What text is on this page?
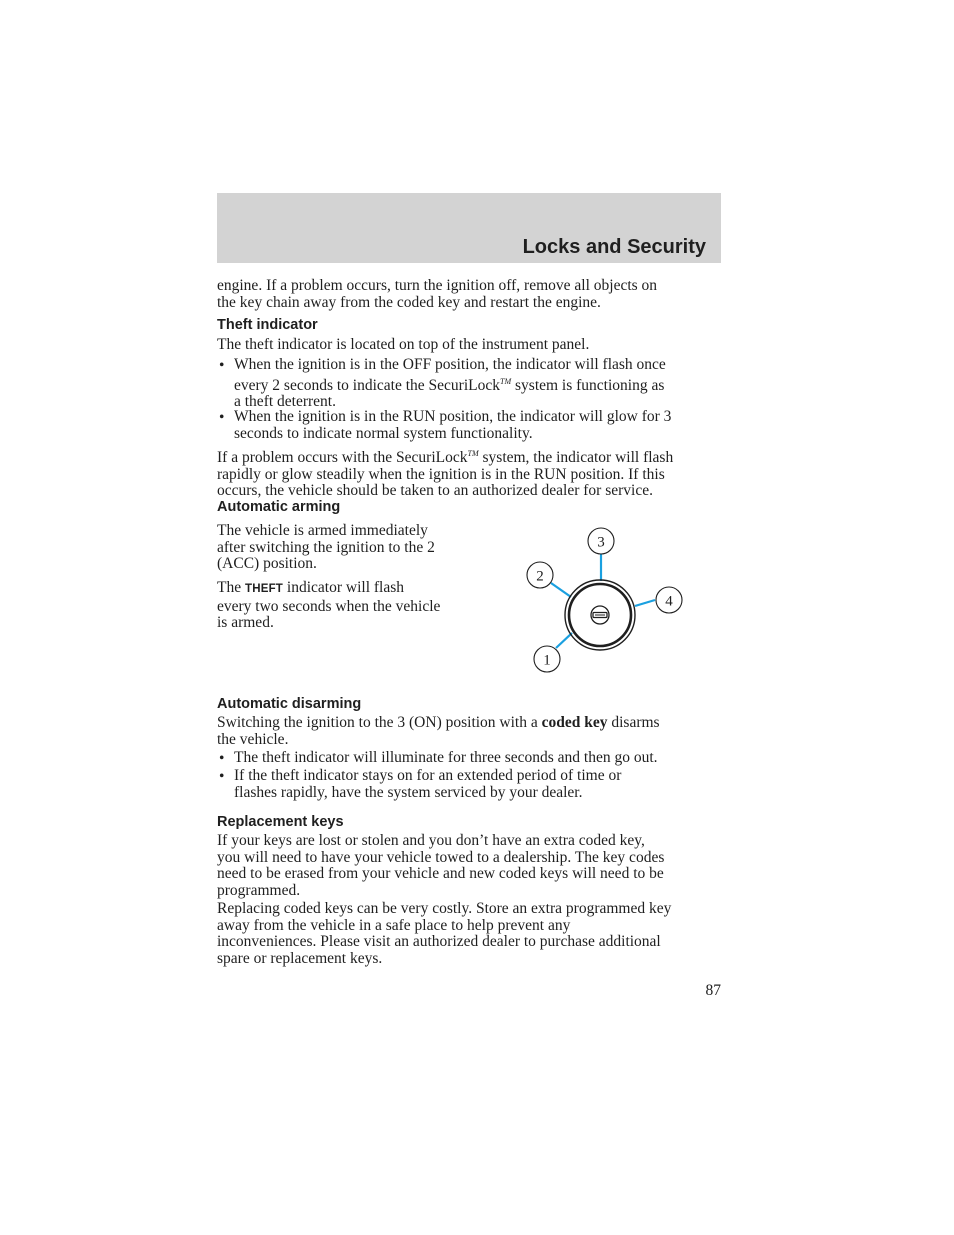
Locks and Security
engine. If a problem occurs, turn the ignition off, remove all objects on
the key chain away from the coded key and restart the engine.
Theft indicator
The theft indicator is located on top of the instrument panel.
• When the ignition is in the OFF position, the indicator will flash once
every 2 seconds to indicate the SecuriLock™ system is functioning as
a theft deterrent.
• When the ignition is in the RUN position, the indicator will glow for 3
seconds to indicate normal system functionality.
If a problem occurs with the SecuriLock™ system, the indicator will flash
rapidly or glow steadily when the ignition is in the RUN position. If this
occurs, the vehicle should be taken to an authorized dealer for service.
Automatic arming
The vehicle is armed immediately
after switching the ignition to the 2
(ACC) position.
The THEFT indicator will flash
every two seconds when the vehicle
is armed.
3
2
4
1
Automatic disarming
Switching the ignition to the 3 (ON) position with a coded key disarms
the vehicle.
• The theft indicator will illuminate for three seconds and then go out.
• If the theft indicator stays on for an extended period of time or
flashes rapidly, have the system serviced by your dealer.
Replacement keys
If your keys are lost or stolen and you don’t have an extra coded key,
you will need to have your vehicle towed to a dealership. The key codes
need to be erased from your vehicle and new coded keys will need to be
programmed.
Replacing coded keys can be very costly. Store an extra programmed key
away from the vehicle in a safe place to help prevent any
inconveniences. Please visit an authorized dealer to purchase additional
spare or replacement keys.
87
